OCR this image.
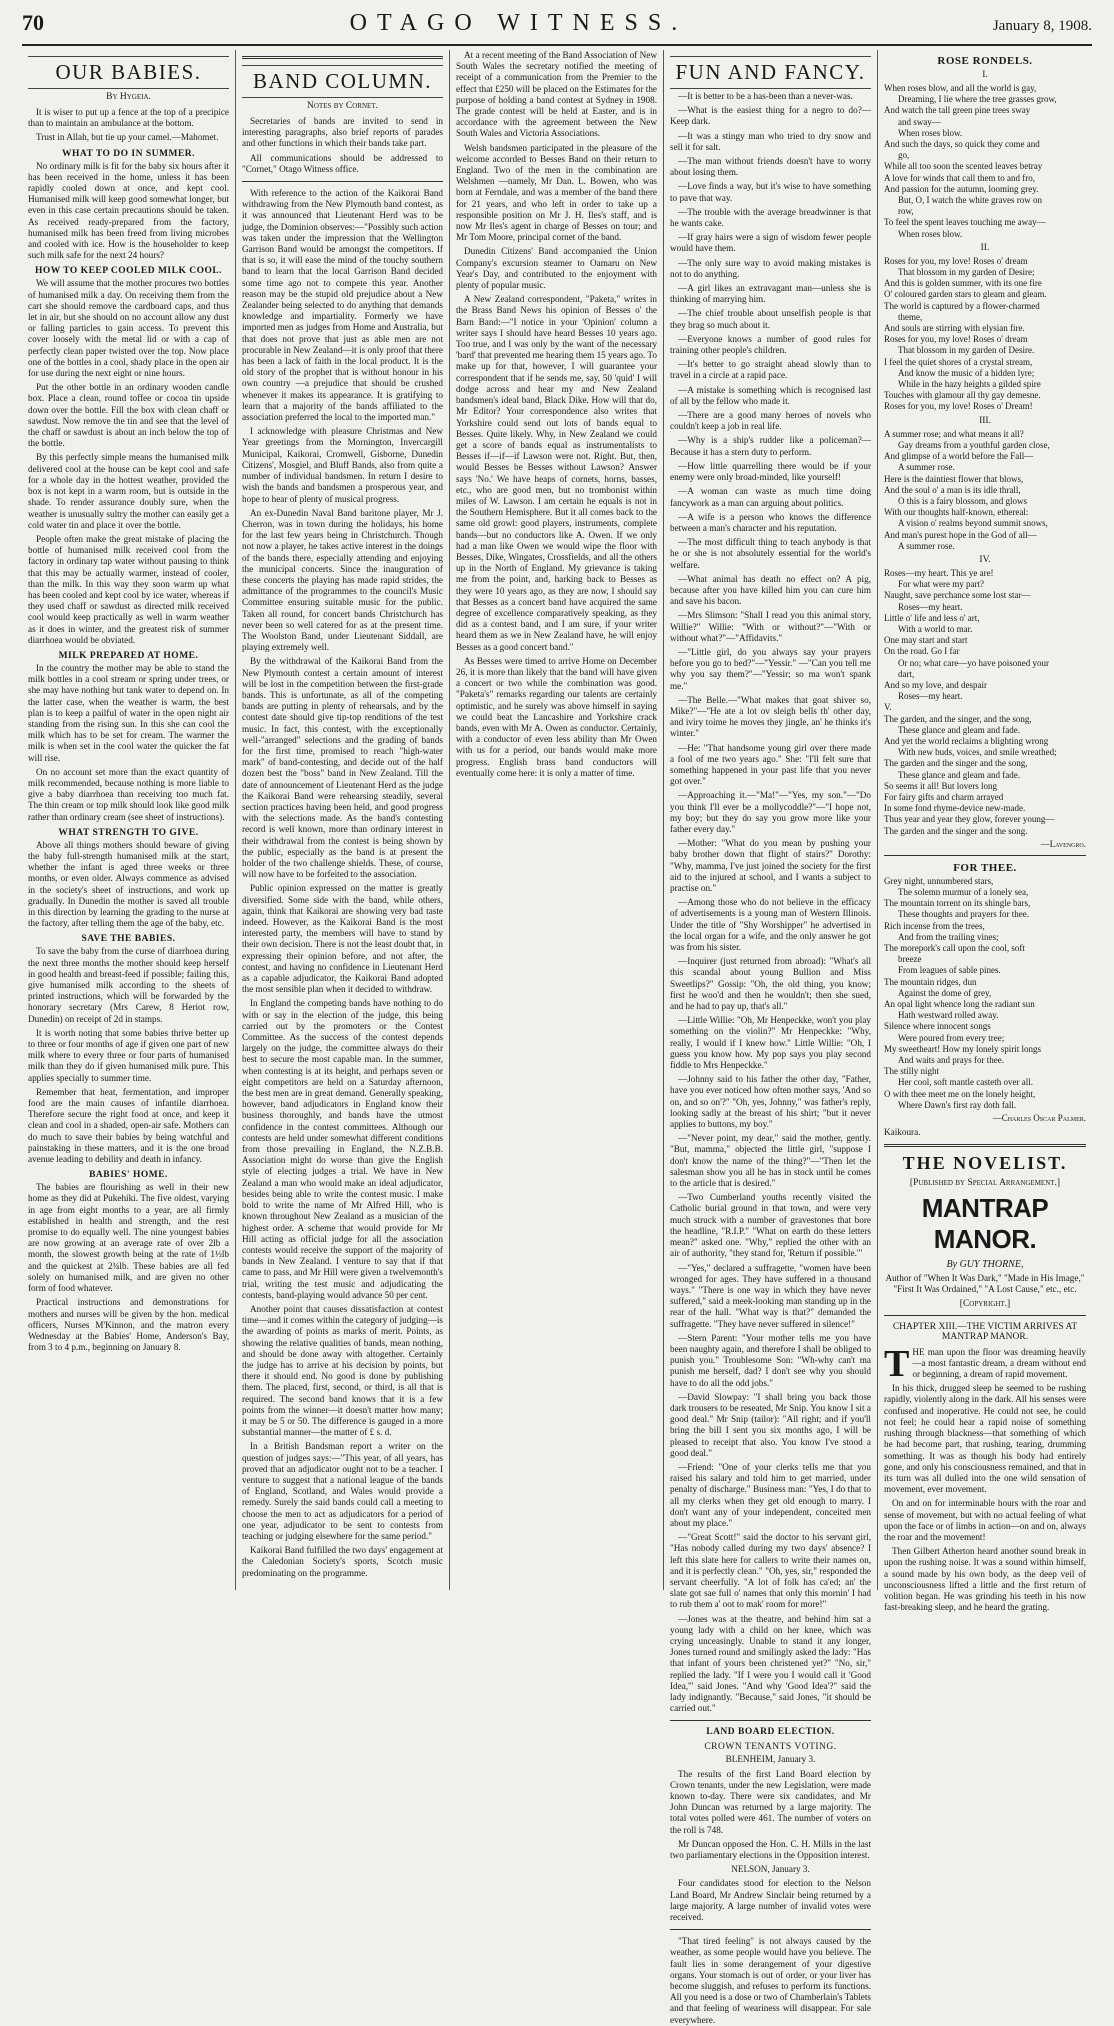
70	OTAGO WITNESS.	January 8, 1908.
OUR BABIES.
By Hygeia.

It is wiser to put up a fence at the top of a precipice than to maintain an ambulance at the bottom.

Trust in Allah, but tie up your camel.—Mahomet.

WHAT TO DO IN SUMMER.

No ordinary milk is fit for the baby six hours after it has been received in the home, unless it has been rapidly cooled down at once, and kept cool. Humanised milk will keep good somewhat longer, but even in this case certain precautions should be taken. As received ready-prepared from the factory, humanised milk has been freed from living microbes and cooled with ice. How is the householder to keep such milk safe for the next 24 hours?

HOW TO KEEP COOLED MILK COOL.

We will assume that the mother procures two bottles of humanised milk a day. On receiving them from the cart she should remove the cardboard caps, and thus let in air, but she should on no account allow any dust or falling particles to gain access. To prevent this cover loosely with the metal lid or with a cap of perfectly clean paper twisted over the top. Now place one of the bottles in a cool, shady place in the open air for use during the next eight or nine hours.

Put the other bottle in an ordinary wooden candle box. Place a clean, round toffee or cocoa tin upside down over the bottle. Fill the box with clean chaff or sawdust. Now remove the tin and see that the level of the chaff or sawdust is about an inch below the top of the bottle.

By this perfectly simple means the humanised milk delivered cool at the house can be kept cool and safe for a whole day in the hottest weather, provided the box is not kept in a warm room, but is outside in the shade. To render assurance doubly sure, when the weather is unusually sultry the mother can easily get a cold water tin and place it over the bottle.

People often make the great mistake of placing the bottle of humanised milk received cool from the factory in ordinary tap water without pausing to think that this may be actually warmer, instead of cooler, than the milk. In this way they soon warm up what has been cooled and kept cool by ice water, whereas if they used chaff or sawdust as directed milk received cool would keep practically as well in warm weather as it does in winter, and the greatest risk of summer diarrhoea would be obviated.

MILK PREPARED AT HOME.

In the country the mother may be able to stand the milk bottles in a cool stream or spring under trees, or she may have nothing but tank water to depend on. In the latter case, when the weather is warm, the best plan is to keep a pailful of water in the open night air standing from the rising sun. In this she can cool the milk which has to be set for cream. The warmer the milk is when set in the cool water the quicker the fat will rise.

On no account set more than the exact quantity of milk recommended, because nothing is more liable to give a baby diarrhoea than receiving too much fat. The thin cream or top milk should look like good milk rather than ordinary cream (see sheet of instructions).

WHAT STRENGTH TO GIVE.

Above all things mothers should beware of giving the baby full-strength humanised milk at the start, whether the infant is aged three weeks or three months, or even older. Always commence as advised in the society's sheet of instructions, and work up gradually. In Dunedin the mother is saved all trouble in this direction by learning the grading to the nurse at the factory, after telling them the age of the baby, etc.

SAVE THE BABIES.

To save the baby from the curse of diarrhoea during the next three months the mother should keep herself in good health and breast-feed if possible; failing this, give humanised milk according to the sheets of printed instructions, which will be forwarded by the honorary secretary (Mrs Carew, 8 Heriot row, Dunedin) on receipt of 2d in stamps.

It is worth noting that some babies thrive better up to three or four months of age if given one part of new milk where to every three or four parts of humanised milk than they do if given humanised milk pure. This applies specially to summer time.

Remember that heat, fermentation, and improper food are the main causes of infantile diarrhoea. Therefore secure the right food at once, and keep it clean and cool in a shaded, open-air safe. Mothers can do much to save their babies by being watchful and painstaking in these matters, and it is the one broad avenue leading to debility and death in infancy.

BABIES' HOME.

The babies are flourishing as well in their new home as they did at Pukehiki. The five oldest, varying in age from eight months to a year, are all firmly established in health and strength, and the rest promise to do equally well. The nine youngest babies are now growing at an average rate of over 2lb a month, the slowest growth being at the rate of 1½lb and the quickest at 2¾lb. These babies are all fed solely on humanised milk, and are given no other form of food whatever.

Practical instructions and demonstrations for mothers and nurses will be given by the hon. medical officers, Nurses M'Kinnon, and the matron every Wednesday at the Babies' Home, Anderson's Bay, from 3 to 4 p.m., beginning on January 8.

BAND COLUMN.
Notes by Cornet.

Secretaries of bands are invited to send in interesting paragraphs, also brief reports of parades and other functions in which their bands take part.

All communications should be addressed to "Cornet," Otago Witness office.

With reference to the action of the Kaikorai Band withdrawing from the New Plymouth band contest, as it was announced that Lieutenant Herd was to be judge, the Dominion observes:—"Possibly such action was taken under the impression that the Wellington Garrison Band would be amongst the competitors. If that is so, it will ease the mind of the touchy southern band to learn that the local Garrison Band decided some time ago not to compete this year. Another reason may be the stupid old prejudice about a New Zealander being selected to do anything that demands knowledge and impartiality. Formerly we have imported men as judges from Home and Australia, but that does not prove that just as able men are not procurable in New Zealand—it is only proof that there has been a lack of faith in the local product. It is the old story of the prophet that is without honour in his own country —a prejudice that should be crushed whenever it makes its appearance. It is gratifying to learn that a majority of the bands affiliated to the association preferred the local to the imported man."

I acknowledge with pleasure Christmas and New Year greetings from the Mornington, Invercargill Municipal, Kaikorai, Cromwell, Gisborne, Dunedin Citizens', Mosgiel, and Bluff Bands, also from quite a number of individual bandsmen. In return I desire to wish the bands and bandsmen a prosperous year, and hope to hear of plenty of musical progress.

An ex-Dunedin Naval Band baritone player, Mr J. Cherron, was in town during the holidays, his home for the last few years being in Christchurch. Though not now a player, he takes active interest in the doings of the bands there, especially attending and enjoying the municipal concerts. Since the inauguration of these concerts the playing has made rapid strides, the admittance of the programmes to the council's Music Committee ensuring suitable music for the public. Taken all round, for concert bands Christchurch has never been so well catered for as at the present time. The Woolston Band, under Lieutenant Siddall, are playing extremely well.

By the withdrawal of the Kaikorai Band from the New Plymouth contest a certain amount of interest will be lost in the competition between the first-grade bands. This is unfortunate, as all of the competing bands are putting in plenty of rehearsals, and by the contest date should give tip-top renditions of the test music. In fact, this contest, with the exceptionally well-"arranged" selections and the grading of bands for the first time, promised to reach "high-water mark" of band-contesting, and decide out of the half dozen best the "boss" band in New Zealand. Till the date of announcement of Lieutenant Herd as the judge the Kaikorai Band were rehearsing steadily, several section practices having been held, and good progress with the selections made. As the band's contesting record is well known, more than ordinary interest in their withdrawal from the contest is being shown by the public, especially as the band is at present the holder of the two challenge shields. These, of course, will now have to be forfeited to the association.

Public opinion expressed on the matter is greatly diversified. Some side with the band, while others, again, think that Kaikorai are showing very bad taste indeed. However, as the Kaikorai Band is the most interested party, the members will have to stand by their own decision. There is not the least doubt that, in expressing their opinion before, and not after, the contest, and having no confidence in Lieutenant Herd as a capable adjudicator, the Kaikorai Band adopted the most sensible plan when it decided to withdraw.

In England the competing bands have nothing to do with or say in the election of the judge, this being carried out by the promoters or the Contest Committee. As the success of the contest depends largely on the judge, the committee always do their best to secure the most capable man. In the summer, when contesting is at its height, and perhaps seven or eight competitors are held on a Saturday afternoon, the best men are in great demand. Generally speaking, however, band adjudicators in England know their business thoroughly, and bands have the utmost confidence in the contest committees. Although our contests are held under somewhat different conditions from those prevailing in England, the N.Z.B.B. Association might do worse than give the English style of electing judges a trial. We have in New Zealand a man who would make an ideal adjudicator, besides being able to write the contest music. I make bold to write the name of Mr Alfred Hill, who is known throughout New Zealand as a musician of the highest order. A scheme that would provide for Mr Hill acting as official judge for all the association contests would receive the support of the majority of bands in New Zealand. I venture to say that if that came to pass, and Mr Hill were given a twelvemonth's trial, writing the test music and adjudicating the contests, band-playing would advance 50 per cent.

Another point that causes dissatisfaction at contest time—and it comes within the category of judging—is the awarding of points as marks of merit. Points, as showing the relative qualities of bands, mean nothing, and should be done away with altogether. Certainly the judge has to arrive at his decision by points, but there it should end. No good is done by publishing them. The placed, first, second, or third, is all that is required. The second band knows that it is a few points from the winner—it doesn't matter how many; it may be 5 or 50. The difference is gauged in a more substantial manner—the matter of £ s. d.

In a British Bandsman report a writer on the question of judges says:—"This year, of all years, has proved that an adjudicator ought not to be a teacher. I venture to suggest that a national league of the bands of England, Scotland, and Wales would provide a remedy. Surely the said bands could call a meeting to choose the men to act as adjudicators for a period of one year, adjudicator to be sent to contests from teaching or judging elsewhere for the same period."

Kaikorai Band fulfilled the two days' engagement at the Caledonian Society's sports, Scotch music predominating on the programme.

At a recent meeting of the Band Association of New South Wales the secretary notified the meeting of receipt of a communication from the Premier to the effect that £250 will be placed on the Estimates for the purpose of holding a band contest at Sydney in 1908. The grade contest will be held at Easter, and is in accordance with the agreement between the New South Wales and Victoria Associations.

Welsh bandsmen participated in the pleasure of the welcome accorded to Besses Band on their return to England. Two of the men in the combination are Welshmen —namely, Mr Dan. L. Bowen, who was born at Ferndale, and was a member of the band there for 21 years, and who left in order to take up a responsible position on Mr J. H. Iles's staff, and is now Mr Iles's agent in charge of Besses on tour; and Mr Tom Moore, principal cornet of the band.

Dunedin Citizens' Band accompanied the Union Company's excursion steamer to Oamaru on New Year's Day, and contributed to the enjoyment with plenty of popular music.

A New Zealand correspondent, "Paketa," writes in the Brass Band News his opinion of Besses o' the Barn Band:—"I notice in your 'Opinion' column a writer says I should have heard Besses 10 years ago. Too true, and I was only by the want of the necessary 'bard' that prevented me hearing them 15 years ago. To make up for that, however, I will guarantee your correspondent that if he sends me, say, 50 'quid' I will dodge across and hear my and New Zealand bandsmen's ideal band, Black Dike. How will that do, Mr Editor? Your correspondence also writes that Yorkshire could send out lots of bands equal to Besses. Quite likely. Why, in New Zealand we could get a score of bands equal as instrumentalists to Besses if—if—if Lawson were not. Right. But, then, would Besses be Besses without Lawson? Answer says 'No.' We have heaps of cornets, horns, basses, etc., who are good men, but no trombonist within miles of W. Lawson. I am certain he equals is not in the Southern Hemisphere. But it all comes back to the same old growl: good players, instruments, complete bands—but no conductors like A. Owen. If we only had a man like Owen we would wipe the floor with Besses, Dike, Wingates, Crossfields, and all the others up in the North of England. My grievance is taking me from the point, and, harking back to Besses as they were 10 years ago, as they are now, I should say that Besses as a concert band have acquired the same degree of excellence comparatively speaking, as they did as a contest band, and I am sure, if your writer heard them as we in New Zealand have, he will enjoy Besses as a good concert band."

As Besses were timed to arrive Home on December 26, it is more than likely that the band will have given a concert or two while the combination was good. "Paketa's" remarks regarding our talents are certainly optimistic, and he surely was above himself in saying we could beat the Lancashire and Yorkshire crack bands, even with Mr A. Owen as conductor. Certainly, with a conductor of even less ability than Mr Owen with us for a period, our bands would make more progress. English brass band conductors will eventually come here: it is only a matter of time.

FUN AND FANCY.

—It is better to be a has-been than a never-was.

—What is the easiest thing for a negro to do?—Keep dark.

—It was a stingy man who tried to dry snow and sell it for salt.

—The man without friends doesn't have to worry about losing them.

—Love finds a way, but it's wise to have something to pave that way.

—The trouble with the average breadwinner is that he wants cake.

—If gray hairs were a sign of wisdom fewer people would have them.

—The only sure way to avoid making mistakes is not to do anything.

—A girl likes an extravagant man—unless she is thinking of marrying him.

—The chief trouble about unselfish people is that they brag so much about it.

—Everyone knows a number of good rules for training other people's children.

—It's better to go straight ahead slowly than to travel in a circle at a rapid pace.

—A mistake is something which is recognised last of all by the fellow who made it.

—There are a good many heroes of novels who couldn't keep a job in real life.

—Why is a ship's rudder like a policeman?—Because it has a stern duty to perform.

—How little quarrelling there would be if your enemy were only broad-minded, like yourself!

—A woman can waste as much time doing fancywork as a man can arguing about politics.

—A wife is a person who knows the difference between a man's character and his reputation.

—The most difficult thing to teach anybody is that he or she is not absolutely essential for the world's welfare.

—What animal has death no effect on? A pig, because after you have killed him you can cure him and save his bacon.

—Mrs Slimson: "Shall I read you this animal story, Willie?" Willie: "With or without?"—"With or without what?"—"Affidavits."

—"Little girl, do you always say your prayers before you go to bed?"—"Yessir." —"Can you tell me why you say them?"—"Yessir; so ma won't spank me."

—The Belle.—"What makes that goat shiver so, Mike?"—"He ate a lot ov sleigh bells th' other day, and iviry toime he moves they jingle, an' he thinks it's winter."

—He: "That handsome young girl over there made a fool of me two years ago." She: "I'll felt sure that something happened in your past life that you never got over."

—Approaching it.—"Ma!"—"Yes, my son."—"Do you think I'll ever be a mollycoddle?"—"I hope not, my boy; but they do say you grow more like your father every day."

—Mother: "What do you mean by pushing your baby brother down that flight of stairs?" Dorothy: "Why, mamma, I've just joined the society for the first aid to the injured at school, and I wants a subject to practise on."

—Among those who do not believe in the efficacy of advertisements is a young man of Western Illinois. Under the title of "Shy Worshipper" he advertised in the local organ for a wife, and the only answer he got was from his sister.

—Inquirer (just returned from abroad): "What's all this scandal about young Bullion and Miss Sweetlips?" Gossip: "Oh, the old thing, you know; first he woo'd and then he wouldn't; then she sued, and he had to pay up, that's all."

—Little Willie: "Oh, Mr Henpeckke, won't you play something on the violin?" Mr Henpeckke: "Why, really, I would if I knew how." Little Willie: "Oh, I guess you know how. My pop says you play second fiddle to Mrs Henpeckke."

—Johnny said to his father the other day, "Father, have you ever noticed how often mother says, 'And so on, and so on'?" "Oh, yes, Johnny," was father's reply, looking sadly at the breast of his shirt; "but it never applies to buttons, my boy."

—"Never point, my dear," said the mother, gently. "But, mamma," objected the little girl, "suppose I don't know the name of the thing?"—"Then let the salesman show you all he has in stock until he comes to the article that is desired."

—Two Cumberland youths recently visited the Catholic burial ground in that town, and were very much struck with a number of gravestones that bore the headline, "R.I.P." "What on earth do these letters mean?" asked one. "Why," replied the other with an air of authority, "they stand for, 'Return if possible.'"

—"Yes," declared a suffragette, "women have been wronged for ages. They have suffered in a thousand ways." "There is one way in which they have never suffered," said a meek-looking man standing up in the rear of the hall. "What way is that?" demanded the suffragette. "They have never suffered in silence!"

—Stern Parent: "Your mother tells me you have been naughty again, and therefore I shall be obliged to punish you." Troublesome Son: "Wh-why can't ma punish me herself, dad? I don't see why you should have to do all the odd jobs."

—David Slowpay: "I shall bring you back those dark trousers to be reseated, Mr Snip. You know I sit a good deal." Mr Snip (tailor): "All right; and if you'll bring the bill I sent you six months ago, I will be pleased to receipt that also. You know I've stood a good deal."

—Friend: "One of your clerks tells me that you raised his salary and told him to get married, under penalty of discharge." Business man: "Yes, I do that to all my clerks when they get old enough to marry. I don't want any of your independent, conceited men about my place."

—"Great Scott!" said the doctor to his servant girl, "Has nobody called during my two days' absence? I left this slate here for callers to write their names on, and it is perfectly clean." "Oh, yes, sir," responded the servant cheerfully. "A lot of folk has ca'ed; an' the slate got sae full o' names that only this mornin' I had to rub them a' oot to mak' room for more!"

—Jones was at the theatre, and behind him sat a young lady with a child on her knee, which was crying unceasingly. Unable to stand it any longer, Jones turned round and smilingly asked the lady: "Has that infant of yours been christened yet?" "No, sir," replied the lady. "If I were you I would call it 'Good Idea,'" said Jones. "And why 'Good Idea'?" said the lady indignantly. "Because," said Jones, "it should be carried out."

LAND BOARD ELECTION.
CROWN TENANTS VOTING.

BLENHEIM, January 3.

The results of the first Land Board election by Crown tenants, under the new Legislation, were made known to-day. There were six candidates, and Mr John Duncan was returned by a large majority. The total votes polled were 461. The number of voters on the roll is 748.

Mr Duncan opposed the Hon. C. H. Mills in the last two parliamentary elections in the Opposition interest.

NELSON, January 3.

Four candidates stood for election to the Nelson Land Board, Mr Andrew Sinclair being returned by a large majority. A large number of invalid votes were received.

"That tired feeling" is not always caused by the weather, as some people would have you believe. The fault lies in some derangement of your digestive organs. Your stomach is out of order, or your liver has become sluggish, and refuses to perform its functions. All you need is a dose or two of Chamberlain's Tablets and that feeling of weariness will disappear. For sale everywhere.

ROSE RONDELS.
I.

When roses blow, and all the world is gay,

Dreaming, I lie where the tree grasses grow,

And watch the tall green pine trees sway

and sway—

When roses blow.

And such the days, so quick they come and

go,

While all too soon the scented leaves betray

A love for winds that call them to and fro,

And passion for the autumn, looming grey.

But, O, I watch the white graves row on

row,

To feel the spent leaves touching me away—

When roses blow.

II.

Roses for you, my love! Roses o' dream

That blossom in my garden of Desire;

And this is golden summer, with its one fire

O' coloured garden stars to gleam and gleam.

The world is captured by a flower-charmed

theme,

And souls are stirring with elysian fire.

Roses for you, my love! Roses o' dream

That blossom in my garden of Desire.

I feel the quiet shores of a crystal stream,

And know the music of a hidden lyre;

While in the hazy heights a gilded spire

Touches with glamour all thy gay demesne.

Roses for you, my love! Roses o' Dream!

III.

A summer rose; and what means it all?

Gay dreams from a youthful garden close,

And glimpse of a world before the Fall—

A summer rose.

Here is the daintiest flower that blows,

And the soul o' a man is its idle thrall,

O this is a fairy blossom, and glows

With our thoughts half-known, ethereal:

A vision o' realms beyond summit snows,

And man's purest hope in the God of all—

A summer rose.

IV.

Roses—my heart. This ye are!

For what were my part?

Naught, save perchance some lost star—

Roses—my heart.

Little o' life and less o' art,

With a world to mar.

One may start and start

On the road. Go I far

Or no; what care—yo have poisoned your

dart,

And so my love, and despair

Roses—my heart.

V.

The garden, and the singer, and the song,

These glance and gleam and fade.

And yet the world reclaims a blighting wrong

With new buds, voices, and smile wreathed;

The garden and the singer and the song,

These glance and gleam and fade.

So seems it all! But lovers long

For fairy gifts and charm arrayed

In some fond rhyme-device new-made.

Thus year and year they glow, forever young—

The garden and the singer and the song.

—Lavengro.
FOR THEE.

Grey night, unnumbered stars,

The solemn murmur of a lonely sea,

The mountain torrent on its shingle bars,

These thoughts and prayers for thee.

Rich incense from the trees,

And from the trailing vines;

The morepork's call upon the cool, soft

breeze

From leagues of sable pines.

The mountain ridges, dun

Against the dome of grey,

An opal light whence long the radiant sun

Hath westward rolled away.

Silence where innocent songs

Were poured from every tree;

My sweetheart! How my lonely spirit longs

And waits and prays for thee.

The stilly night

Her cool, soft mantle casteth over all.

O with thee meet me on the lonely height,

Where Dawn's first ray doth fall.

—Charles Oscar Palmer.

Kaikoura.

THE NOVELIST.
[Published by Special Arrangement.]
MANTRAP MANOR.
By GUY THORNE,

Author of "When It Was Dark," "Made in His Image," "First It Was Ordained," "A Lost Cause," etc., etc.

[Copyright.]
CHAPTER XIII.—THE VICTIM ARRIVES AT MANTRAP MANOR.

THE man upon the floor was dreaming heavily—a most fantastic dream, a dream without end or beginning, a dream of rapid movement.

In his thick, drugged sleep he seemed to be rushing rapidly, violently along in the dark. All his senses were confused and inoperative. He could not see, he could not feel; he could hear a rapid noise of something rushing through blackness—that something of which he had become part, that rushing, tearing, drumming something. It was as though his body had entirely gone, and only his consciousness remained, and that in its turn was all dulled into the one wild sensation of movement, ever movement.

On and on for interminable hours with the roar and sense of movement, but with no actual feeling of what upon the face or of limbs in action—on and on, always the roar and the movement!

Then Gilbert Atherton heard another sound break in upon the rushing noise. It was a sound within himself, a sound made by his own body, as the deep veil of unconsciousness lifted a little and the first return of volition began. He was grinding his teeth in his now fast-breaking sleep, and he heard the grating.
